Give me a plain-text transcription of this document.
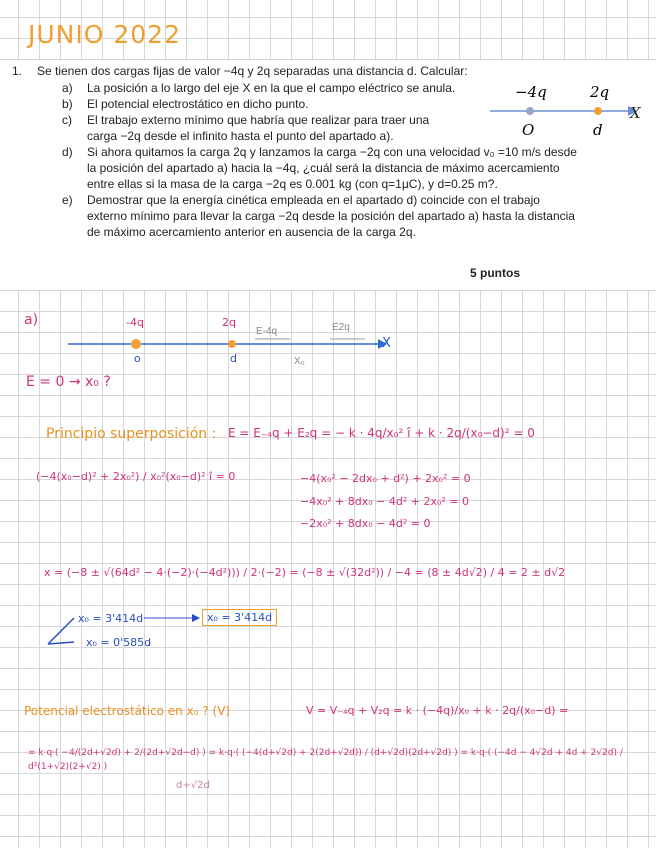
JUNIO 2022
1. Se tienen dos cargas fijas de valor −4q y 2q separadas una distancia d. Calcular:
a) La posición a lo largo del eje X en la que el campo eléctrico se anula.
b) El potencial electrostático en dicho punto.
c) El trabajo externo mínimo que habría que realizar para traer una
carga −2q desde el infinito hasta el punto del apartado a).
d) Si ahora quitamos la carga 2q y lanzamos la carga −2q con una velocidad v₀ =10 m/s desde
la posición del apartado a) hacia la −4q, ¿cuál será la distancia de máximo acercamiento
entre ellas si la masa de la carga −2q es 0.001 kg (con q=1μC), y d=0.25 m?.
e) Demostrar que la energía cinética empleada en el apartado d) coincide con el trabajo
externo mínimo para llevar la carga −2q desde la posición del apartado a) hasta la distancia
de máximo acercamiento anterior en ausencia de la carga 2q.
−4q	2q
O	d
X
5 puntos
a)	-4q	2q
E-4q	E2q
o	d	X₀
X
E = 0 → x₀ ?
Principio superposición : E = E₋₄q + E₂q = − k · 4q/x₀² î + k · 2q/(x₀−d)² = 0
(−4(x₀−d)² + 2x₀²) / x₀²(x₀−d)² î = 0	−4(x₀² − 2dx₀ + d²) + 2x₀² = 0
−4x₀² + 8dx₀ − 4d² + 2x₀² = 0
−2x₀² + 8dx₀ − 4d² = 0
x = (−8 ± √(64d² − 4·(−2)·(−4d²))) / 2·(−2) = (−8 ± √(32d²)) / −4 = (8 ± 4d√2) / 4 = 2 ± d√2
x₀ = 3'414d	x₀ = 3'414d
x₀ = 0'585d
Potencial electrostático en x₀ ? (V)	V = V₋₄q + V₂q = k · (−4q)/x₀ + k · 2q/(x₀−d) =
= k·q·( −4/(2d+√2d) + 2/(2d+√2d−d) ) = k·q·( (−4(d+√2d) + 2(2d+√2d)) / (d+√2d)(2d+√2d) ) = k·q·( (−4d − 4√2d + 4d + 2√2d) / d²(1+√2)(2+√2) )
d+√2d
